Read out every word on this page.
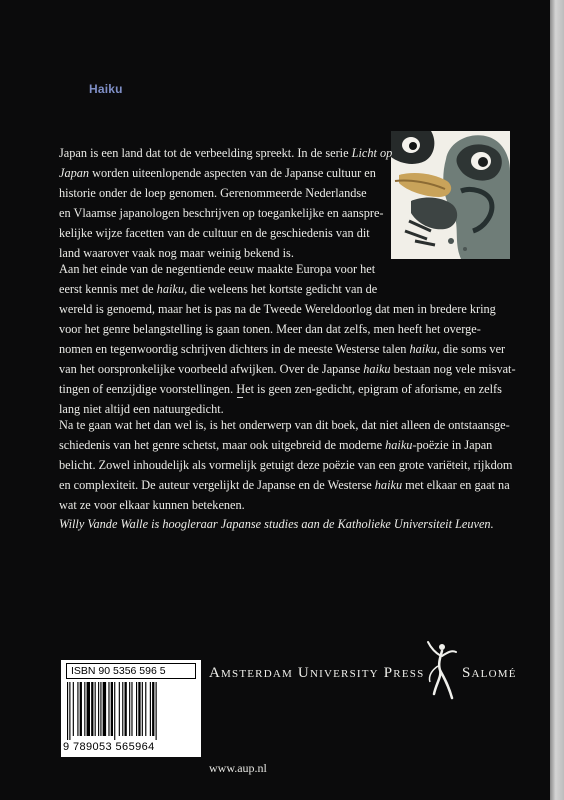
Haiku

Japan is een land dat tot de verbeelding spreekt. In de serie Licht op
Japan worden uiteenlopende aspecten van de Japanse cultuur en
historie onder de loep genomen. Gerenommeerde Nederlandse
en Vlaamse japanologen beschrijven op toegankelijke en aanspre-
kelijke wijze facetten van de cultuur en de geschiedenis van dit
land waarover vaak nog maar weinig bekend is.

Aan het einde van de negentiende eeuw maakte Europa voor het
eerst kennis met de haiku, die weleens het kortste gedicht van de
wereld is genoemd, maar het is pas na de Tweede Wereldoorlog dat men in bredere kring
voor het genre belangstelling is gaan tonen. Meer dan dat zelfs, men heeft het overge-
nomen en tegenwoordig schrijven dichters in de meeste Westerse talen haiku, die soms ver
van het oorspronkelijke voorbeeld afwijken. Over de Japanse haiku bestaan nog vele misvat-
tingen of eenzijdige voorstellingen. Het is geen zen-gedicht, epigram of aforisme, en zelfs
lang niet altijd een natuurgedicht.

Na te gaan wat het dan wel is, is het onderwerp van dit boek, dat niet alleen de ontstaansge-
schiedenis van het genre schetst, maar ook uitgebreid de moderne haiku-poëzie in Japan
belicht. Zowel inhoudelijk als vormelijk getuigt deze poëzie van een grote variëteit, rijkdom
en complexiteit. De auteur vergelijkt de Japanse en de Westerse haiku met elkaar en gaat na
wat ze voor elkaar kunnen betekenen.

Willy Vande Walle is hoogleraar Japanse studies aan de Katholieke Universiteit Leuven.
ISBN 90 5356 596 5
9 789053 565964
Amsterdam University Press	Salomé
www.aup.nl
